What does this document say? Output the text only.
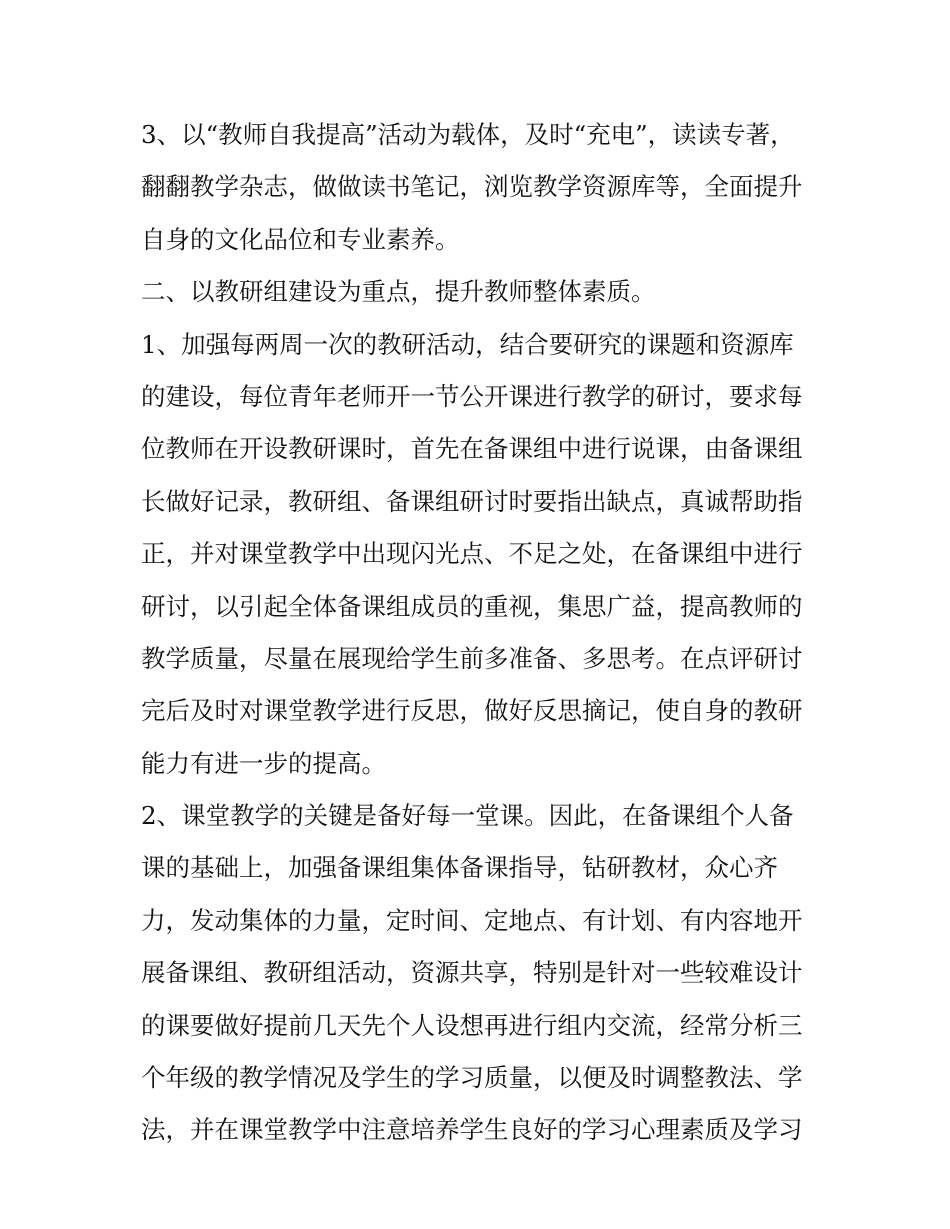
3、以“教师自我提高”活动为载体，及时“充电”，读读专著，
翻翻教学杂志，做做读书笔记，浏览教学资源库等，全面提升
自身的文化品位和专业素养。
二、以教研组建设为重点，提升教师整体素质。
1、加强每两周一次的教研活动，结合要研究的课题和资源库
的建设，每位青年老师开一节公开课进行教学的研讨，要求每
位教师在开设教研课时，首先在备课组中进行说课，由备课组
长做好记录，教研组、备课组研讨时要指出缺点，真诚帮助指
正，并对课堂教学中出现闪光点、不足之处，在备课组中进行
研讨，以引起全体备课组成员的重视，集思广益，提高教师的
教学质量，尽量在展现给学生前多准备、多思考。在点评研讨
完后及时对课堂教学进行反思，做好反思摘记，使自身的教研
能力有进一步的提高。
2、课堂教学的关键是备好每一堂课。因此，在备课组个人备
课的基础上，加强备课组集体备课指导，钻研教材，众心齐
力，发动集体的力量，定时间、定地点、有计划、有内容地开
展备课组、教研组活动，资源共享，特别是针对一些较难设计
的课要做好提前几天先个人设想再进行组内交流，经常分析三
个年级的教学情况及学生的学习质量，以便及时调整教法、学
法，并在课堂教学中注意培养学生良好的学习心理素质及学习
